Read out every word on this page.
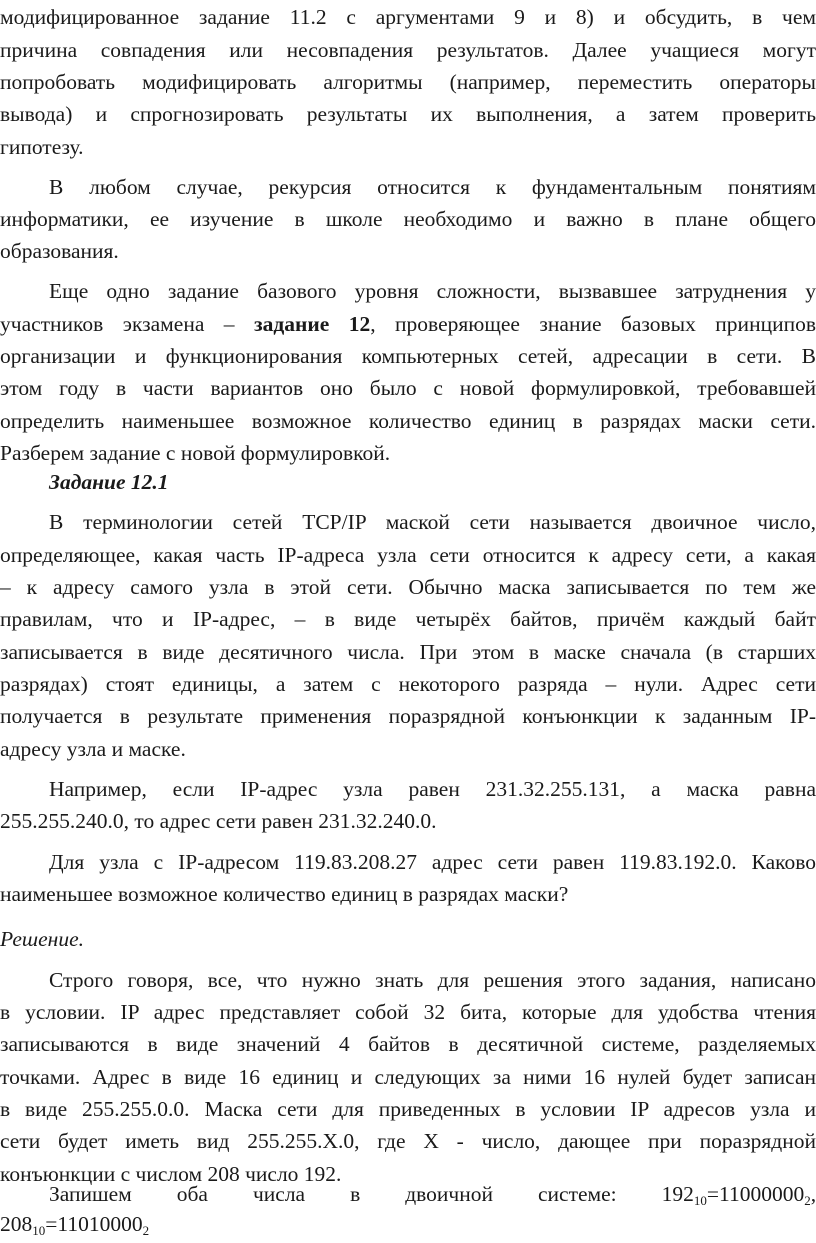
модифицированное задание 11.2 с аргументами 9 и 8) и обсудить, в чем
причина совпадения или несовпадения результатов. Далее учащиеся могут
попробовать модифицировать алгоритмы (например, переместить операторы
вывода) и спрогнозировать результаты их выполнения, а затем проверить
гипотезу.
В любом случае, рекурсия относится к фундаментальным понятиям
информатики, ее изучение в школе необходимо и важно в плане общего
образования.
Еще одно задание базового уровня сложности, вызвавшее затруднения у
участников экзамена – задание 12, проверяющее знание базовых принципов
организации и функционирования компьютерных сетей, адресации в сети. В
этом году в части вариантов оно было с новой формулировкой, требовавшей
определить наименьшее возможное количество единиц в разрядах маски сети.
Разберем задание с новой формулировкой.
Задание 12.1
В терминологии сетей TCP/IP маской сети называется двоичное число,
определяющее, какая часть IP-адреса узла сети относится к адресу сети, а какая
– к адресу самого узла в этой сети. Обычно маска записывается по тем же
правилам, что и IP-адрес, – в виде четырёх байтов, причём каждый байт
записывается в виде десятичного числа. При этом в маске сначала (в старших
разрядах) стоят единицы, а затем с некоторого разряда – нули. Адрес сети
получается в результате применения поразрядной конъюнкции к заданным IP-
адресу узла и маске.
Например, если IP-адрес узла равен 231.32.255.131, а маска равна
255.255.240.0, то адрес сети равен 231.32.240.0.
Для узла с IP-адресом 119.83.208.27 адрес сети равен 119.83.192.0. Каково
наименьшее возможное количество единиц в разрядах маски?
Решение.
Строго говоря, все, что нужно знать для решения этого задания, написано
в условии. IP адрес представляет собой 32 бита, которые для удобства чтения
записываются в виде значений 4 байтов в десятичной системе, разделяемых
точками. Адрес в виде 16 единиц и следующих за ними 16 нулей будет записан
в виде 255.255.0.0. Маска сети для приведенных в условии IP адресов узла и
сети будет иметь вид 255.255.X.0, где X - число, дающее при поразрядной
конъюнкции с числом 208 число 192.
Запишем оба числа в двоичной системе: $192_{10}=11000000_2$,
$208_{10}=11010000_2$
